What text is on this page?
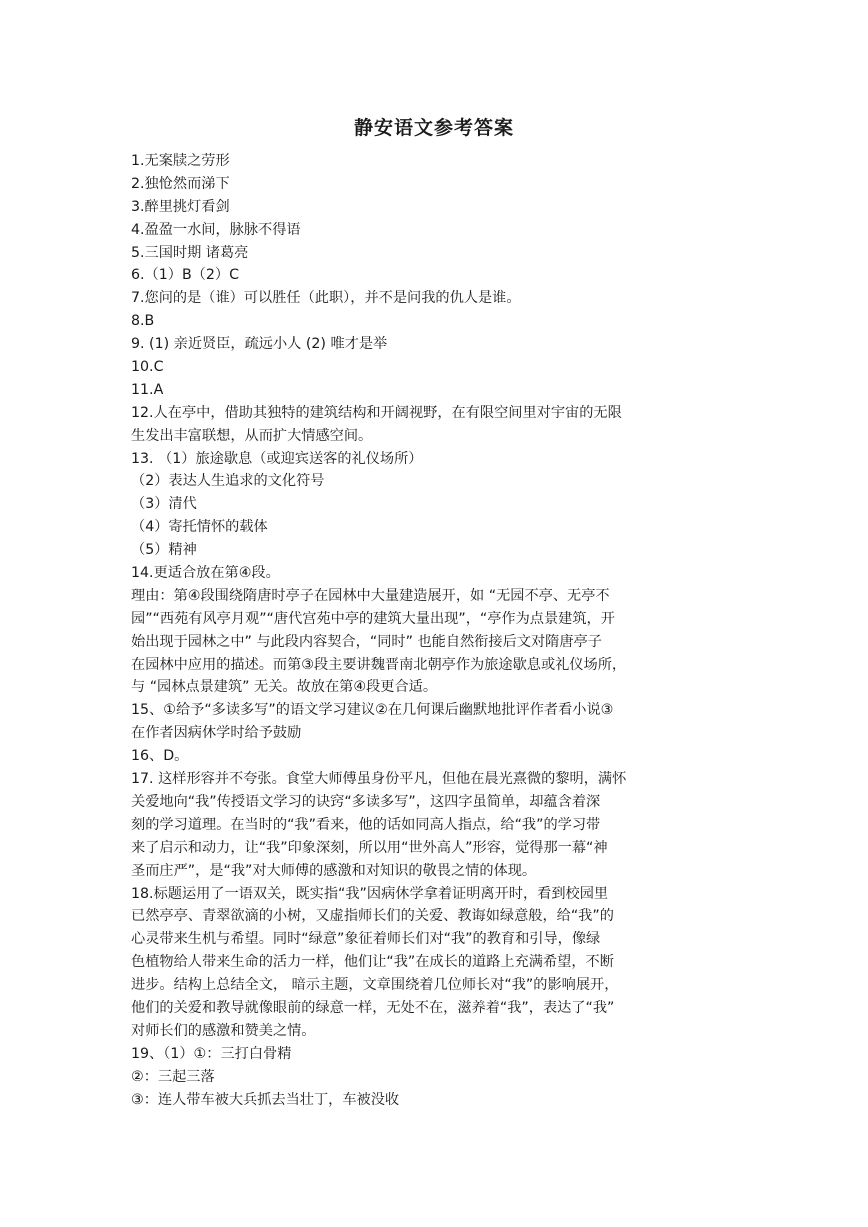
静安语文参考答案
1.无案牍之劳形
2.独怆然而涕下
3.醉里挑灯看剑
4.盈盈一水间，脉脉不得语
5.三国时期 诸葛亮
6.（1）B（2）C
7.您问的是（谁）可以胜任（此职），并不是问我的仇人是谁。
8.B
9. (1) 亲近贤臣，疏远小人 (2) 唯才是举
10.C
11.A
12.人在亭中，借助其独特的建筑结构和开阔视野，在有限空间里对宇宙的无限
生发出丰富联想，从而扩大情感空间。
13. （1）旅途歇息（或迎宾送客的礼仪场所）
（2）表达人生追求的文化符号
（3）清代
（4）寄托情怀的载体
（5）精神
14.更适合放在第④段。
理由：第④段围绕隋唐时亭子在园林中大量建造展开，如 “无园不亭、无亭不
园”“西苑有风亭月观”“唐代宫苑中亭的建筑大量出现”，“亭作为点景建筑，开
始出现于园林之中” 与此段内容契合，“同时” 也能自然衔接后文对隋唐亭子
在园林中应用的描述。而第③段主要讲魏晋南北朝亭作为旅途歇息或礼仪场所，
与 “园林点景建筑” 无关。故放在第④段更合适。
15、①给予“多读多写”的语文学习建议②在几何课后幽默地批评作者看小说③
在作者因病休学时给予鼓励
16、D。
17. 这样形容并不夸张。食堂大师傅虽身份平凡，但他在晨光熹微的黎明，满怀
关爱地向“我”传授语文学习的诀窍“多读多写”，这四字虽简单，却蕴含着深
刻的学习道理。在当时的“我”看来，他的话如同高人指点，给“我”的学习带
来了启示和动力，让“我”印象深刻，所以用“世外高人”形容，觉得那一幕“神
圣而庄严”，是“我”对大师傅的感激和对知识的敬畏之情的体现。
18.标题运用了一语双关，既实指“我”因病休学拿着证明离开时，看到校园里
已然亭亭、青翠欲滴的小树，又虚指师长们的关爱、教诲如绿意般，给“我”的
心灵带来生机与希望。同时“绿意”象征着师长们对“我”的教育和引导，像绿
色植物给人带来生命的活力一样，他们让“我”在成长的道路上充满希望，不断
进步。结构上总结全文， 暗示主题，文章围绕着几位师长对“我”的影响展开，
他们的关爱和教导就像眼前的绿意一样，无处不在，滋养着“我”，表达了“我”
对师长们的感激和赞美之情。
19、（1）①：三打白骨精
②：三起三落
③：连人带车被大兵抓去当壮丁，车被没收
